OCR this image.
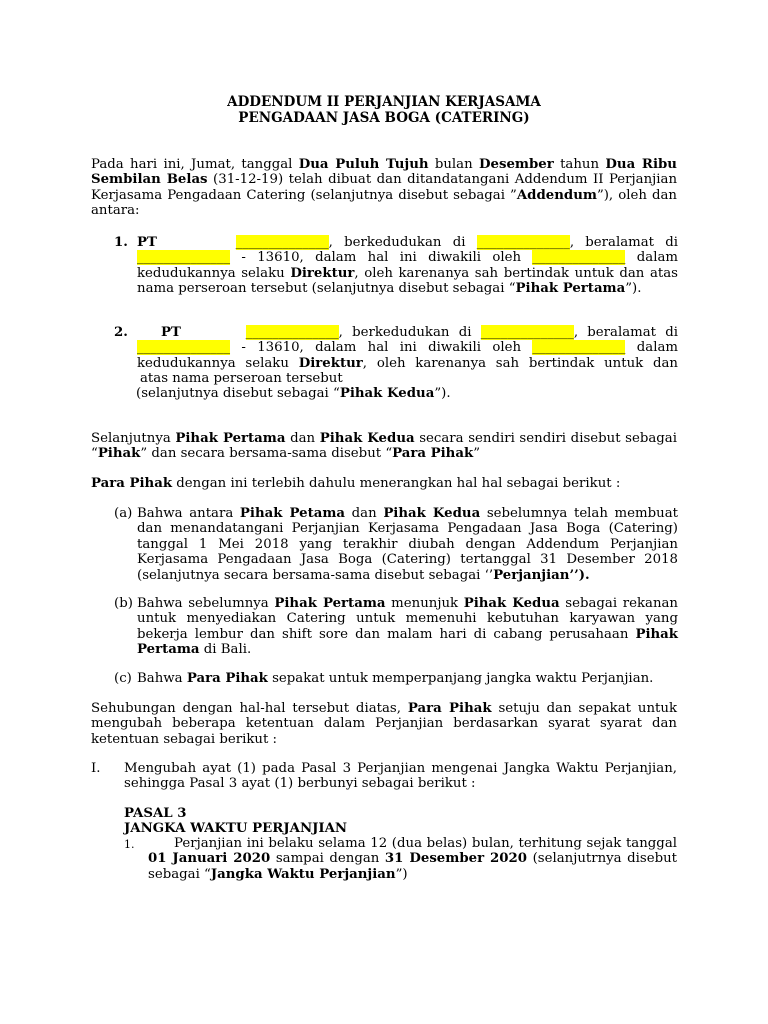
ADDENDUM II PERJANJIAN KERJASAMA
PENGADAAN JASA BOGA (CATERING)
Pada hari ini, Jumat, tanggal Dua Puluh Tujuh bulan Desember tahun Dua Ribu Sembilan Belas (31-12-19) telah dibuat dan ditandatangani Addendum II Perjanjian Kerjasama Pengadaan Catering (selanjutnya disebut sebagai ”Addendum”), oleh dan antara:
1. PT	______________, berkedudukan di ______________, beralamat di
______________ - 13610, dalam hal ini diwakili oleh ______________ dalam
kedudukannya selaku Direktur, oleh karenanya sah bertindak untuk dan atas nama perseroan tersebut (selanjutnya disebut sebagai “Pihak Pertama”).
2.	PT	______________, berkedudukan di ______________, beralamat di
______________ - 13610, dalam hal ini diwakili oleh ______________ dalam
kedudukannya selaku Direktur, oleh karenanya sah bertindak untuk dan
atas nama perseroan tersebut
(selanjutnya disebut sebagai “Pihak Kedua”).
Selanjutnya Pihak Pertama dan Pihak Kedua secara sendiri sendiri disebut sebagai “Pihak” dan secara bersama-sama disebut “Para Pihak”
Para Pihak dengan ini terlebih dahulu menerangkan hal hal sebagai berikut :
(a) Bahwa antara Pihak Petama dan Pihak Kedua sebelumnya telah membuat dan menandatangani Perjanjian Kerjasama Pengadaan Jasa Boga (Catering) tanggal 1 Mei 2018 yang terakhir diubah dengan Addendum Perjanjian Kerjasama Pengadaan Jasa Boga (Catering) tertanggal 31 Desember 2018 (selanjutnya secara bersama-sama disebut sebagai ‘’Perjanjian’’).
(b) Bahwa sebelumnya Pihak Pertama menunjuk Pihak Kedua sebagai rekanan untuk menyediakan Catering untuk memenuhi kebutuhan karyawan yang bekerja lembur dan shift sore dan malam hari di cabang perusahaan Pihak Pertama di Bali.
(c) Bahwa Para Pihak sepakat untuk memperpanjang jangka waktu Perjanjian.
Sehubungan dengan hal-hal tersebut diatas, Para Pihak setuju dan sepakat untuk mengubah beberapa ketentuan dalam Perjanjian berdasarkan syarat syarat dan ketentuan sebagai berikut :
I. Mengubah ayat (1) pada Pasal 3 Perjanjian mengenai Jangka Waktu Perjanjian, sehingga Pasal 3 ayat (1) berbunyi sebagai berikut :
PASAL 3
JANGKA WAKTU PERJANJIAN
1.	Perjanjian ini belaku selama 12 (dua belas) bulan, terhitung sejak tanggal 01 Januari 2020 sampai dengan 31 Desember 2020 (selanjutrnya disebut sebagai “Jangka Waktu Perjanjian”)
